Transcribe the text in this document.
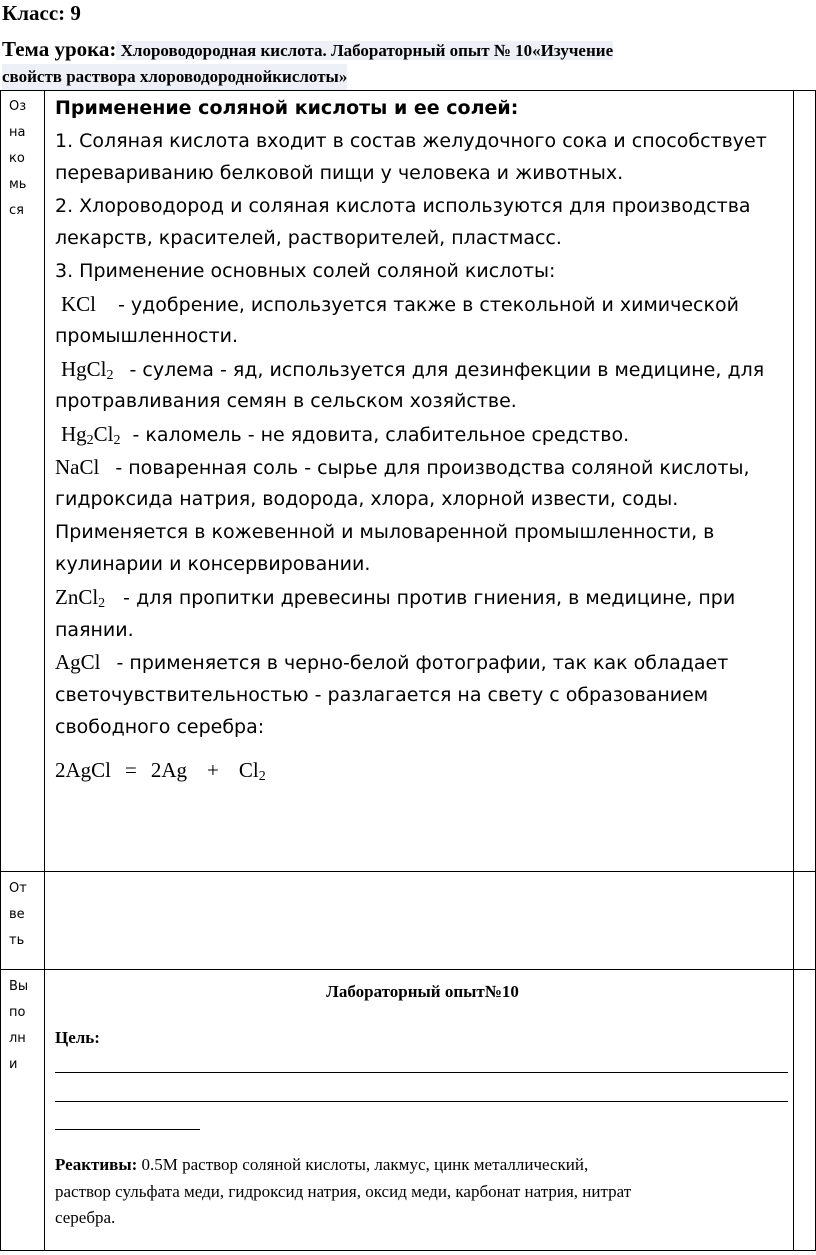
Класс: 9
Тема урока: Хлороводородная кислота. Лабораторный опыт № 10«Изучение
свойств раствора хлороводороднойкислоты»
Оз
на
ко
мь
ся
Применение соляной кислоты и ее солей:
1. Соляная кислота входит в состав желудочного сока и способствует
перевариванию белковой пищи у человека и животных.
2. Хлороводород и соляная кислота используются для производства
лекарств, красителей, растворителей, пластмасс.
3. Применение основных солей соляной кислоты:
KCl - удобрение, используется также в стекольной и химической
промышленности.
HgCl$_2$ - сулема - яд, используется для дезинфекции в медицине, для
протравливания семян в сельском хозяйстве.
$Hg_2Cl_2$ - каломель - не ядовита, слабительное средство.
NaCl - поваренная соль - сырье для производства соляной кислоты,
гидроксида натрия, водорода, хлора, хлорной извести, соды.
Применяется в кожевенной и мыловаренной промышленности, в
кулинарии и консервировании.
ZnCl$_2$ - для пропитки древесины против гниения, в медицине, при
паянии.
AgCl - применяется в черно-белой фотографии, так как обладает
светочувствительностью - разлагается на свету с образованием
свободного серебра:
2AgCl = $2Ag + Cl_2$
От
ве
ть
Вы
по
лн
и
Лабораторный опыт№10
Цель:
Реактивы: 0.5М раствор соляной кислоты, лакмус, цинк металлический,
раствор сульфата меди, гидроксид натрия, оксид меди, карбонат натрия, нитрат
серебра.
